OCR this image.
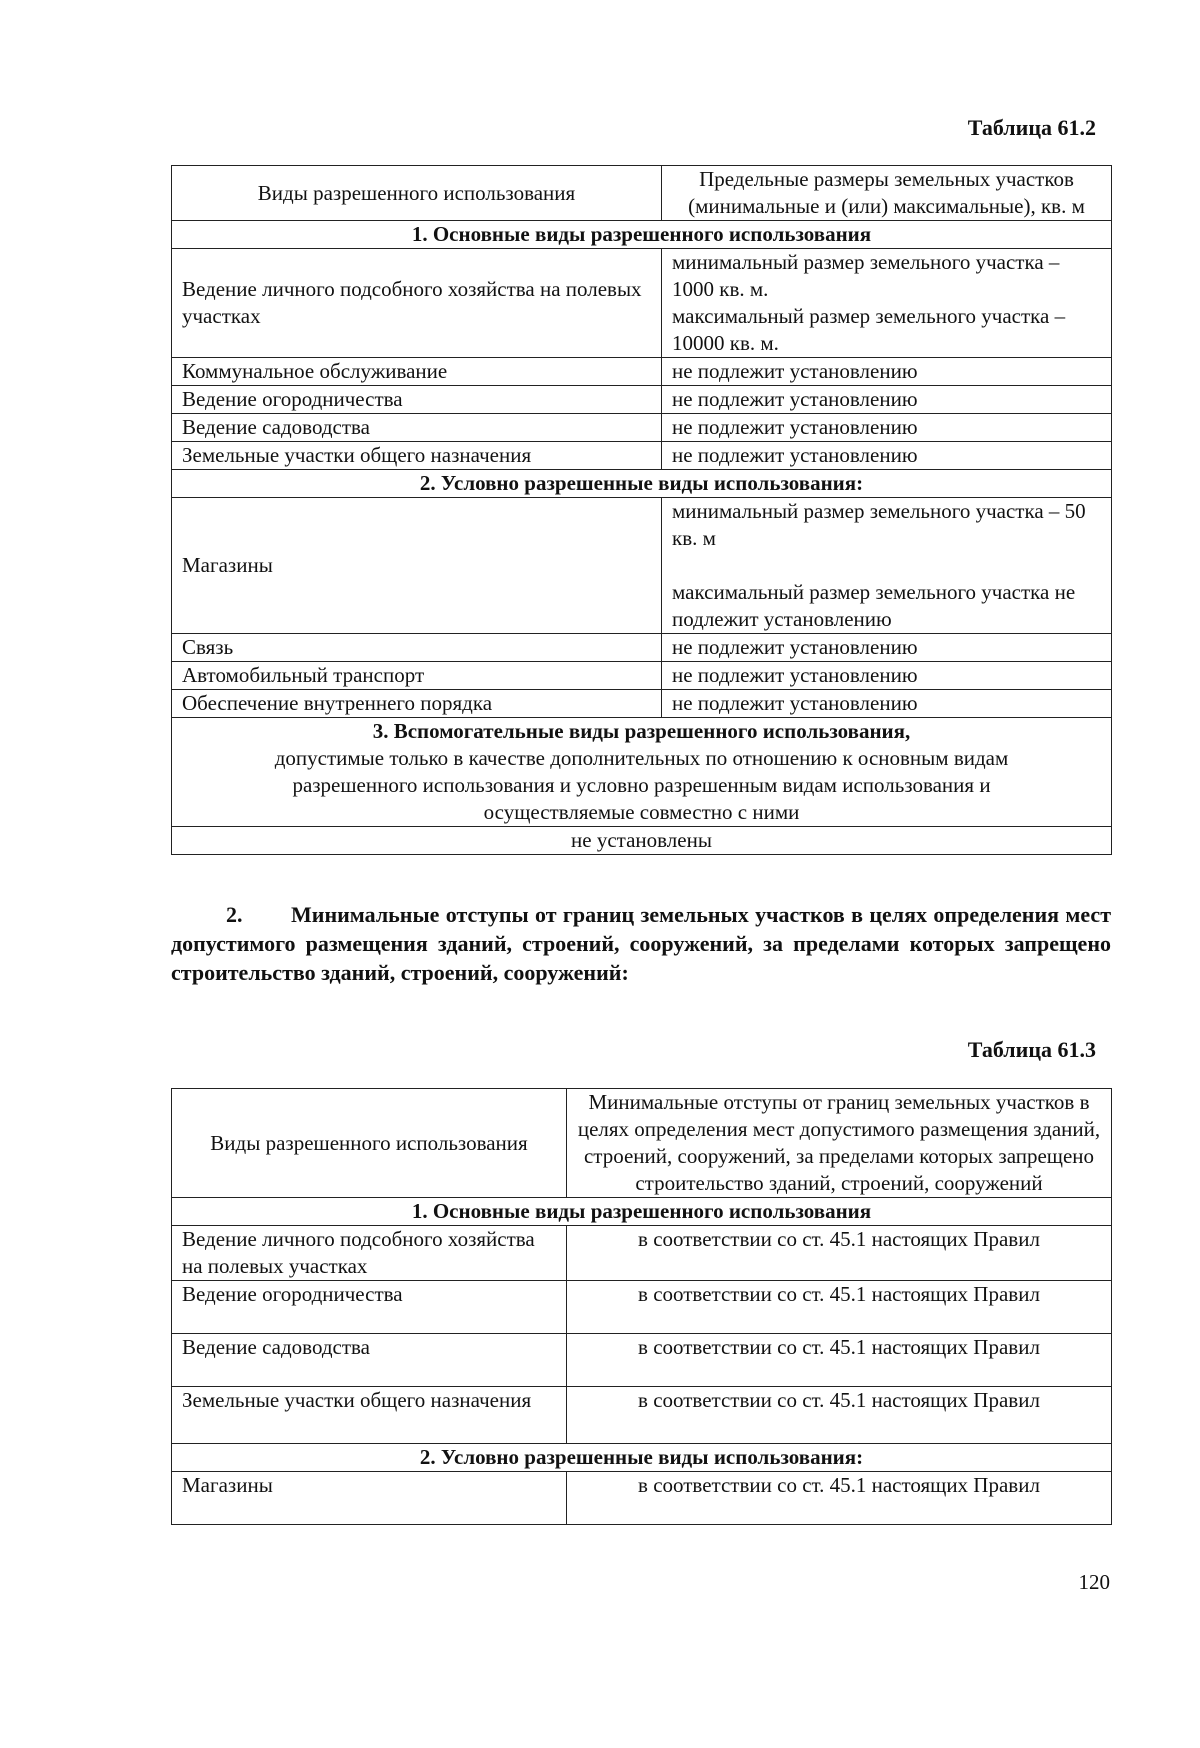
Таблица 61.2
Виды разрешенного использования	Предельные размеры земельных участков (минимальные и (или) максимальные), кв. м
1. Основные виды разрешенного использования	
Ведение личного подсобного хозяйства на полевых участках	минимальный размер земельного участка – 1000 кв. м.
максимальный размер земельного участка – 10000 кв. м.

Коммунальное обслуживание	не подлежит установлению
Ведение огородничества	не подлежит установлению
Ведение садоводства	не подлежит установлению
Земельные участки общего назначения	не подлежит установлению
2. Условно разрешенные виды использования:	
Магазины	минимальный размер земельного участка – 50 кв. м
максимальный размер земельного участка не подлежит установлению

Связь	не подлежит установлению
Автомобильный транспорт	не подлежит установлению
Обеспечение внутреннего порядка	не подлежит установлению
3. Вспомогательные виды разрешенного использования,
допустимые только в качестве дополнительных по отношению к основным видам разрешенного использования и условно разрешенным видам использования и осуществляемые совместно с ними	

не установлены	
2. Минимальные отступы от границ земельных участков в целях определения мест допустимого размещения зданий, строений, сооружений, за пределами которых запрещено строительство зданий, строений, сооружений:
Таблица 61.3
Виды разрешенного использования	Минимальные отступы от границ земельных участков в целях определения мест допустимого размещения зданий, строений, сооружений, за пределами которых запрещено строительство зданий, строений, сооружений
1. Основные виды разрешенного использования	
Ведение личного подсобного хозяйства на полевых участках	в соответствии со ст. 45.1 настоящих Правил
Ведение огородничества	в соответствии со ст. 45.1 настоящих Правил
Ведение садоводства	в соответствии со ст. 45.1 настоящих Правил
Земельные участки общего назначения	в соответствии со ст. 45.1 настоящих Правил
2. Условно разрешенные виды использования:	
Магазины	в соответствии со ст. 45.1 настоящих Правил
120
